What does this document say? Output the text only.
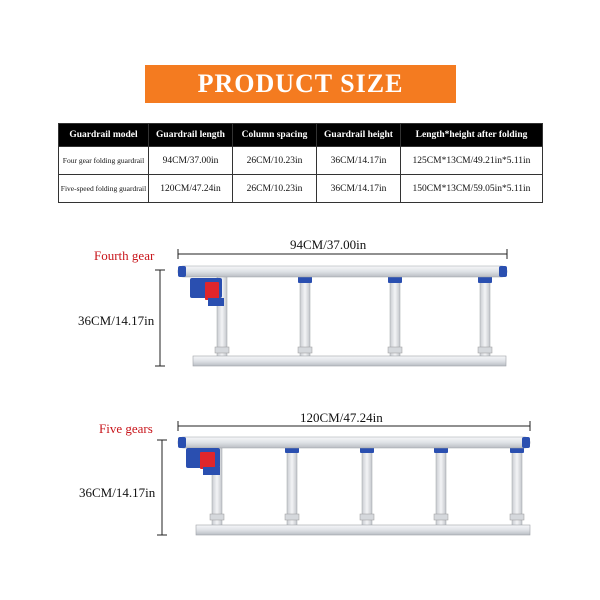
PRODUCT SIZE
Guardrail model	Guardrail length	Column spacing	Guardrail height	Length*height after folding
Four gear folding guardrail	94CM/37.00in	26CM/10.23in	36CM/14.17in	125CM*13CM/49.21in*5.11in
Five-speed folding guardrail	120CM/47.24in	26CM/10.23in	36CM/14.17in	150CM*13CM/59.05in*5.11in
Fourth gear
94CM/37.00in
36CM/14.17in
Five gears
120CM/47.24in
36CM/14.17in
